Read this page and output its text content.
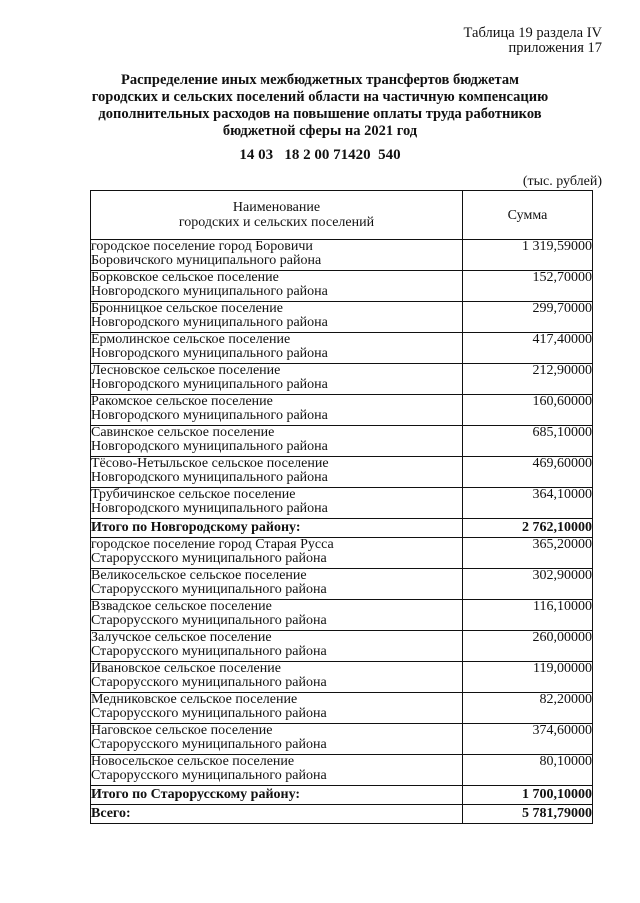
Таблица 19 раздела IV
приложения 17
Распределение иных межбюджетных трансфертов бюджетам
городских и сельских поселений области на частичную компенсацию
дополнительных расходов на повышение оплаты труда работников
бюджетной сферы на 2021 год
14 03   18 2 00 71420  540
(тыс. рублей)
Наименование
городских и сельских поселений	Сумма

городское поселение город Боровичи
Боровичского муниципального района	1 319,59000

Борковское сельское поселение
Новгородского муниципального района	152,70000

Бронницкое сельское поселение
Новгородского муниципального района	299,70000

Ермолинское сельское поселение
Новгородского муниципального района	417,40000

Лесновское сельское поселение
Новгородского муниципального района	212,90000

Ракомское сельское поселение
Новгородского муниципального района	160,60000

Савинское сельское поселение
Новгородского муниципального района	685,10000

Тёсово-Нетыльское сельское поселение
Новгородского муниципального района	469,60000

Трубичинское сельское поселение
Новгородского муниципального района	364,10000
Итого по Новгородскому району:	2 762,10000

городское поселение город Старая Русса
Старорусского муниципального района	365,20000

Великосельское сельское поселение
Старорусского муниципального района	302,90000

Взвадское сельское поселение
Старорусского муниципального района	116,10000

Залучское сельское поселение
Старорусского муниципального района	260,00000

Ивановское сельское поселение
Старорусского муниципального района	119,00000

Медниковское сельское поселение
Старорусского муниципального района	82,20000

Наговское сельское поселение
Старорусского муниципального района	374,60000

Новосельское сельское поселение
Старорусского муниципального района	80,10000
Итого по Старорусскому району:	1 700,10000
Всего:	5 781,79000
